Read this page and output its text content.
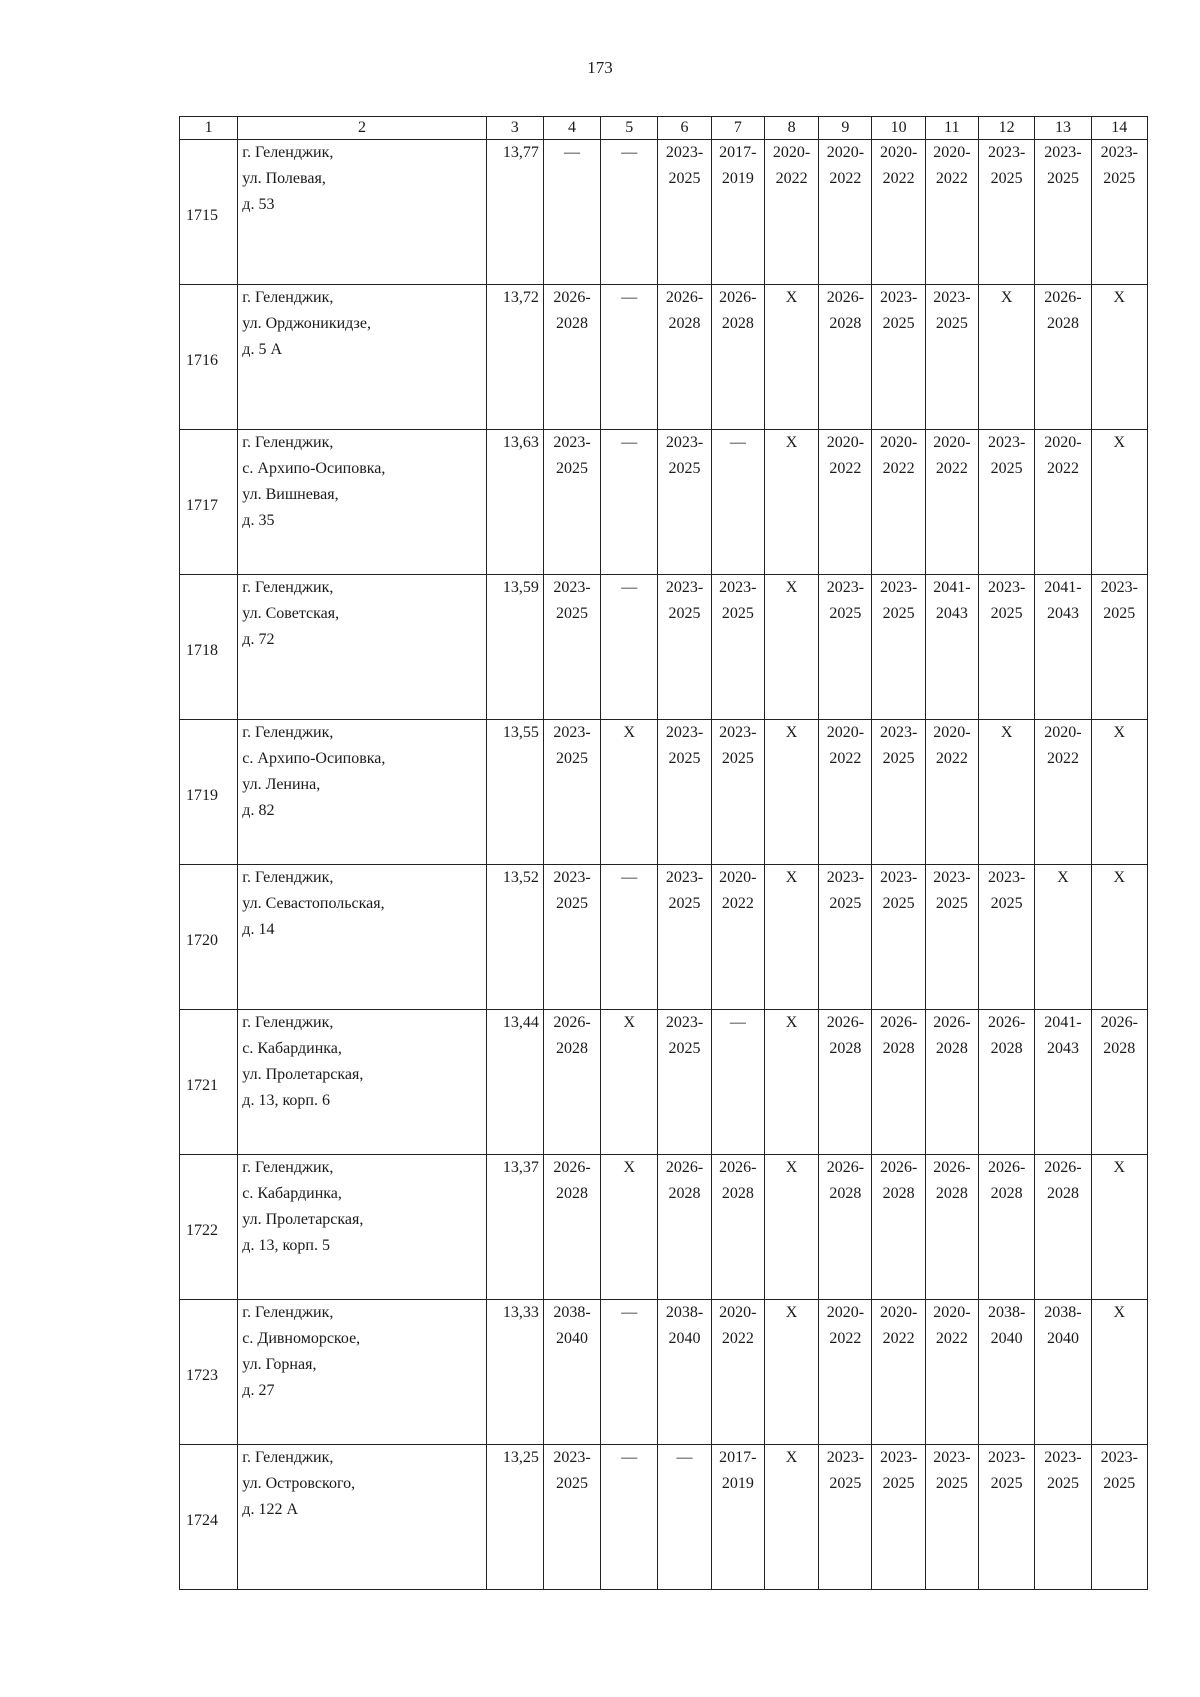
173
1	2	3	4	5	6	7	8	9	10	11	12	13	14
1715	г. Геленджик,
ул. Полевая,
д. 53	13,77	—	—	2023-
2025	2017-
2019	2020-
2022	2020-
2022	2020-
2022	2020-
2022	2023-
2025	2023-
2025	2023-
2025
1716	г. Геленджик,
ул. Орджоникидзе,
д. 5 А	13,72	2026-
2028	—	2026-
2028	2026-
2028	X	2026-
2028	2023-
2025	2023-
2025	X	2026-
2028	X
1717	г. Геленджик,
с. Архипо-Осиповка,
ул. Вишневая,
д. 35	13,63	2023-
2025	—	2023-
2025	—	X	2020-
2022	2020-
2022	2020-
2022	2023-
2025	2020-
2022	X
1718	г. Геленджик,
ул. Советская,
д. 72	13,59	2023-
2025	—	2023-
2025	2023-
2025	X	2023-
2025	2023-
2025	2041-
2043	2023-
2025	2041-
2043	2023-
2025
1719	г. Геленджик,
с. Архипо-Осиповка,
ул. Ленина,
д. 82	13,55	2023-
2025	X	2023-
2025	2023-
2025	X	2020-
2022	2023-
2025	2020-
2022	X	2020-
2022	X
1720	г. Геленджик,
ул. Севастопольская,
д. 14	13,52	2023-
2025	—	2023-
2025	2020-
2022	X	2023-
2025	2023-
2025	2023-
2025	2023-
2025	X	X
1721	г. Геленджик,
с. Кабардинка,
ул. Пролетарская,
д. 13, корп. 6	13,44	2026-
2028	X	2023-
2025	—	X	2026-
2028	2026-
2028	2026-
2028	2026-
2028	2041-
2043	2026-
2028
1722	г. Геленджик,
с. Кабардинка,
ул. Пролетарская,
д. 13, корп. 5	13,37	2026-
2028	X	2026-
2028	2026-
2028	X	2026-
2028	2026-
2028	2026-
2028	2026-
2028	2026-
2028	X
1723	г. Геленджик,
с. Дивноморское,
ул. Горная,
д. 27	13,33	2038-
2040	—	2038-
2040	2020-
2022	X	2020-
2022	2020-
2022	2020-
2022	2038-
2040	2038-
2040	X
1724	г. Геленджик,
ул. Островского,
д. 122 А	13,25	2023-
2025	—	—	2017-
2019	X	2023-
2025	2023-
2025	2023-
2025	2023-
2025	2023-
2025	2023-
2025
